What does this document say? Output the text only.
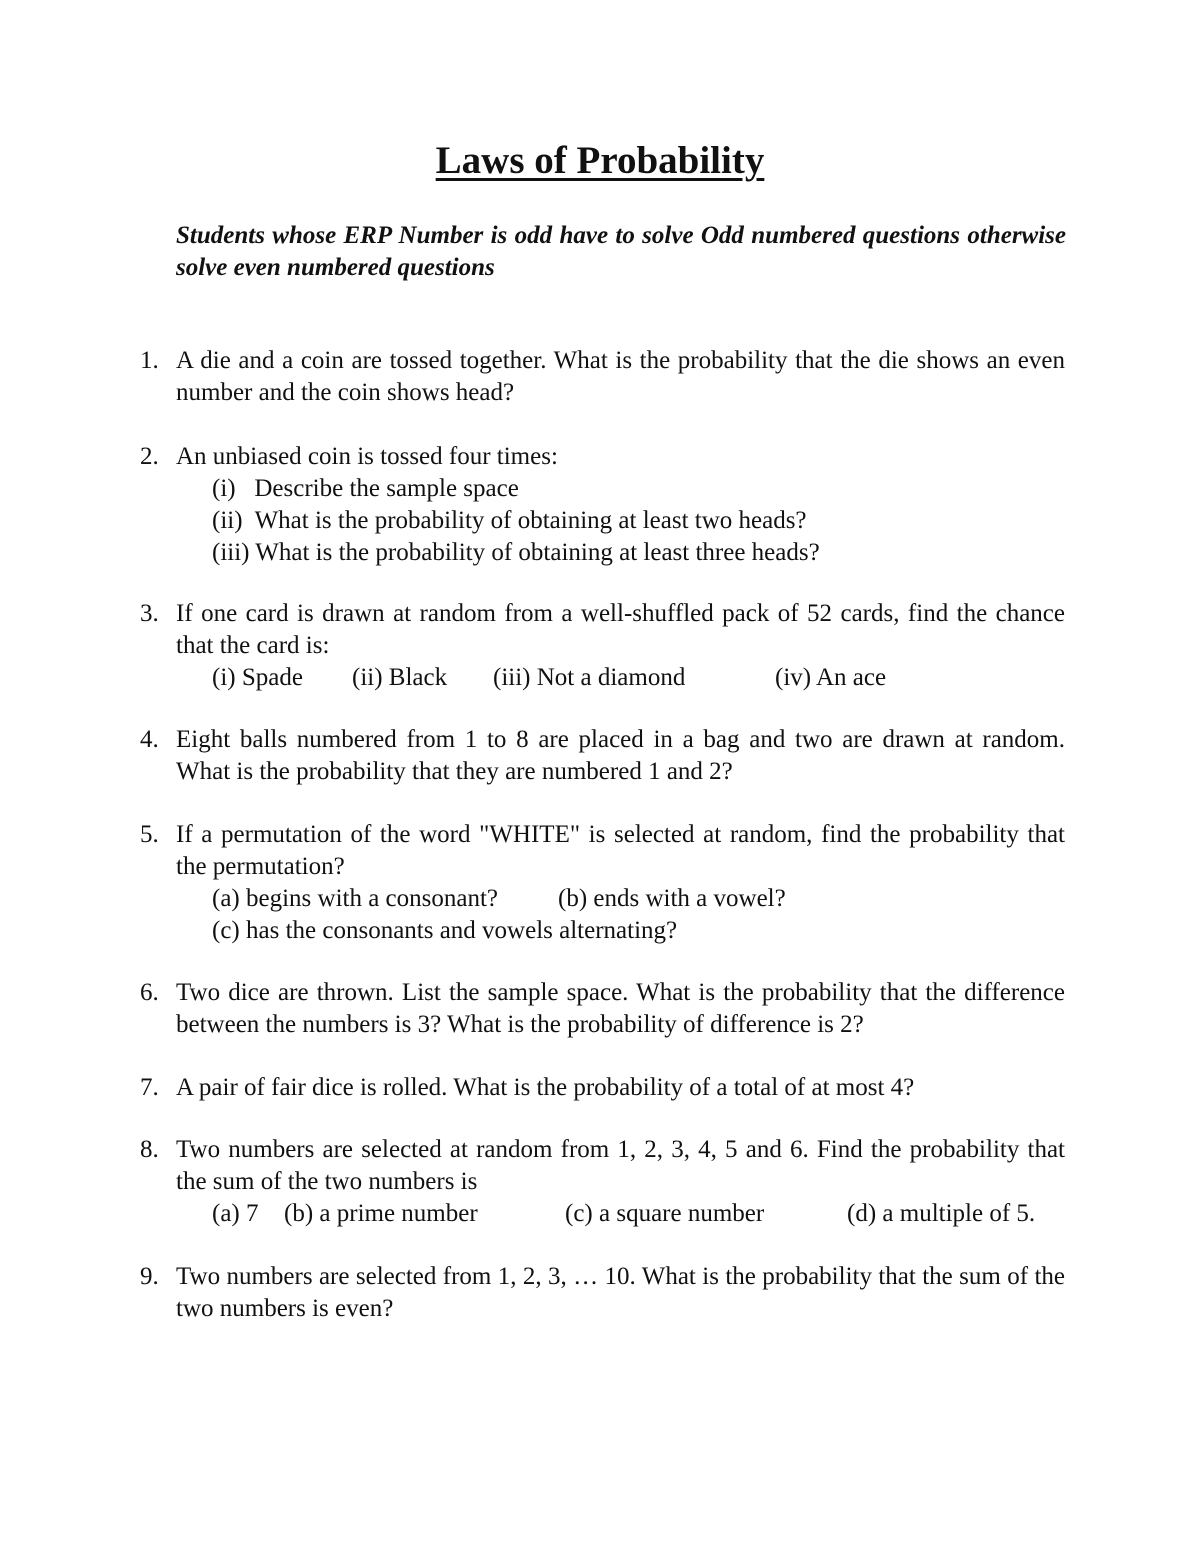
Laws of Probability

Students whose ERP Number is odd have to solve Odd numbered questions otherwise solve even numbered questions

1. A die and a coin are tossed together. What is the probability that the die shows an even number and the coin shows head?
2. An unbiased coin is tossed four times:
(i)   Describe the sample space
(ii)  What is the probability of obtaining at least two heads?
(iii) What is the probability of obtaining at least three heads?
3. If one card is drawn at random from a well-shuffled pack of 52 cards, find the chance that the card is:
(i) Spade (ii) Black (iii) Not a diamond	(iv) An ace
4. Eight balls numbered from 1 to 8 are placed in a bag and two are drawn at random. What is the probability that they are numbered 1 and 2?
5. If a permutation of the word "WHITE" is selected at random, find the probability that the permutation?
(a) begins with a consonant? (b) ends with a vowel?
(c) has the consonants and vowels alternating?
6. Two dice are thrown. List the sample space. What is the probability that the difference between the numbers is 3? What is the probability of difference is 2?
7. A pair of fair dice is rolled. What is the probability of a total of at most 4?
8. Two numbers are selected at random from 1, 2, 3, 4, 5 and 6. Find the probability that the sum of the two numbers is
(a) 7 (b) a prime number	(c) a square number	(d) a multiple of 5.
9. Two numbers are selected from 1, 2, 3, … 10. What is the probability that the sum of the two numbers is even?
